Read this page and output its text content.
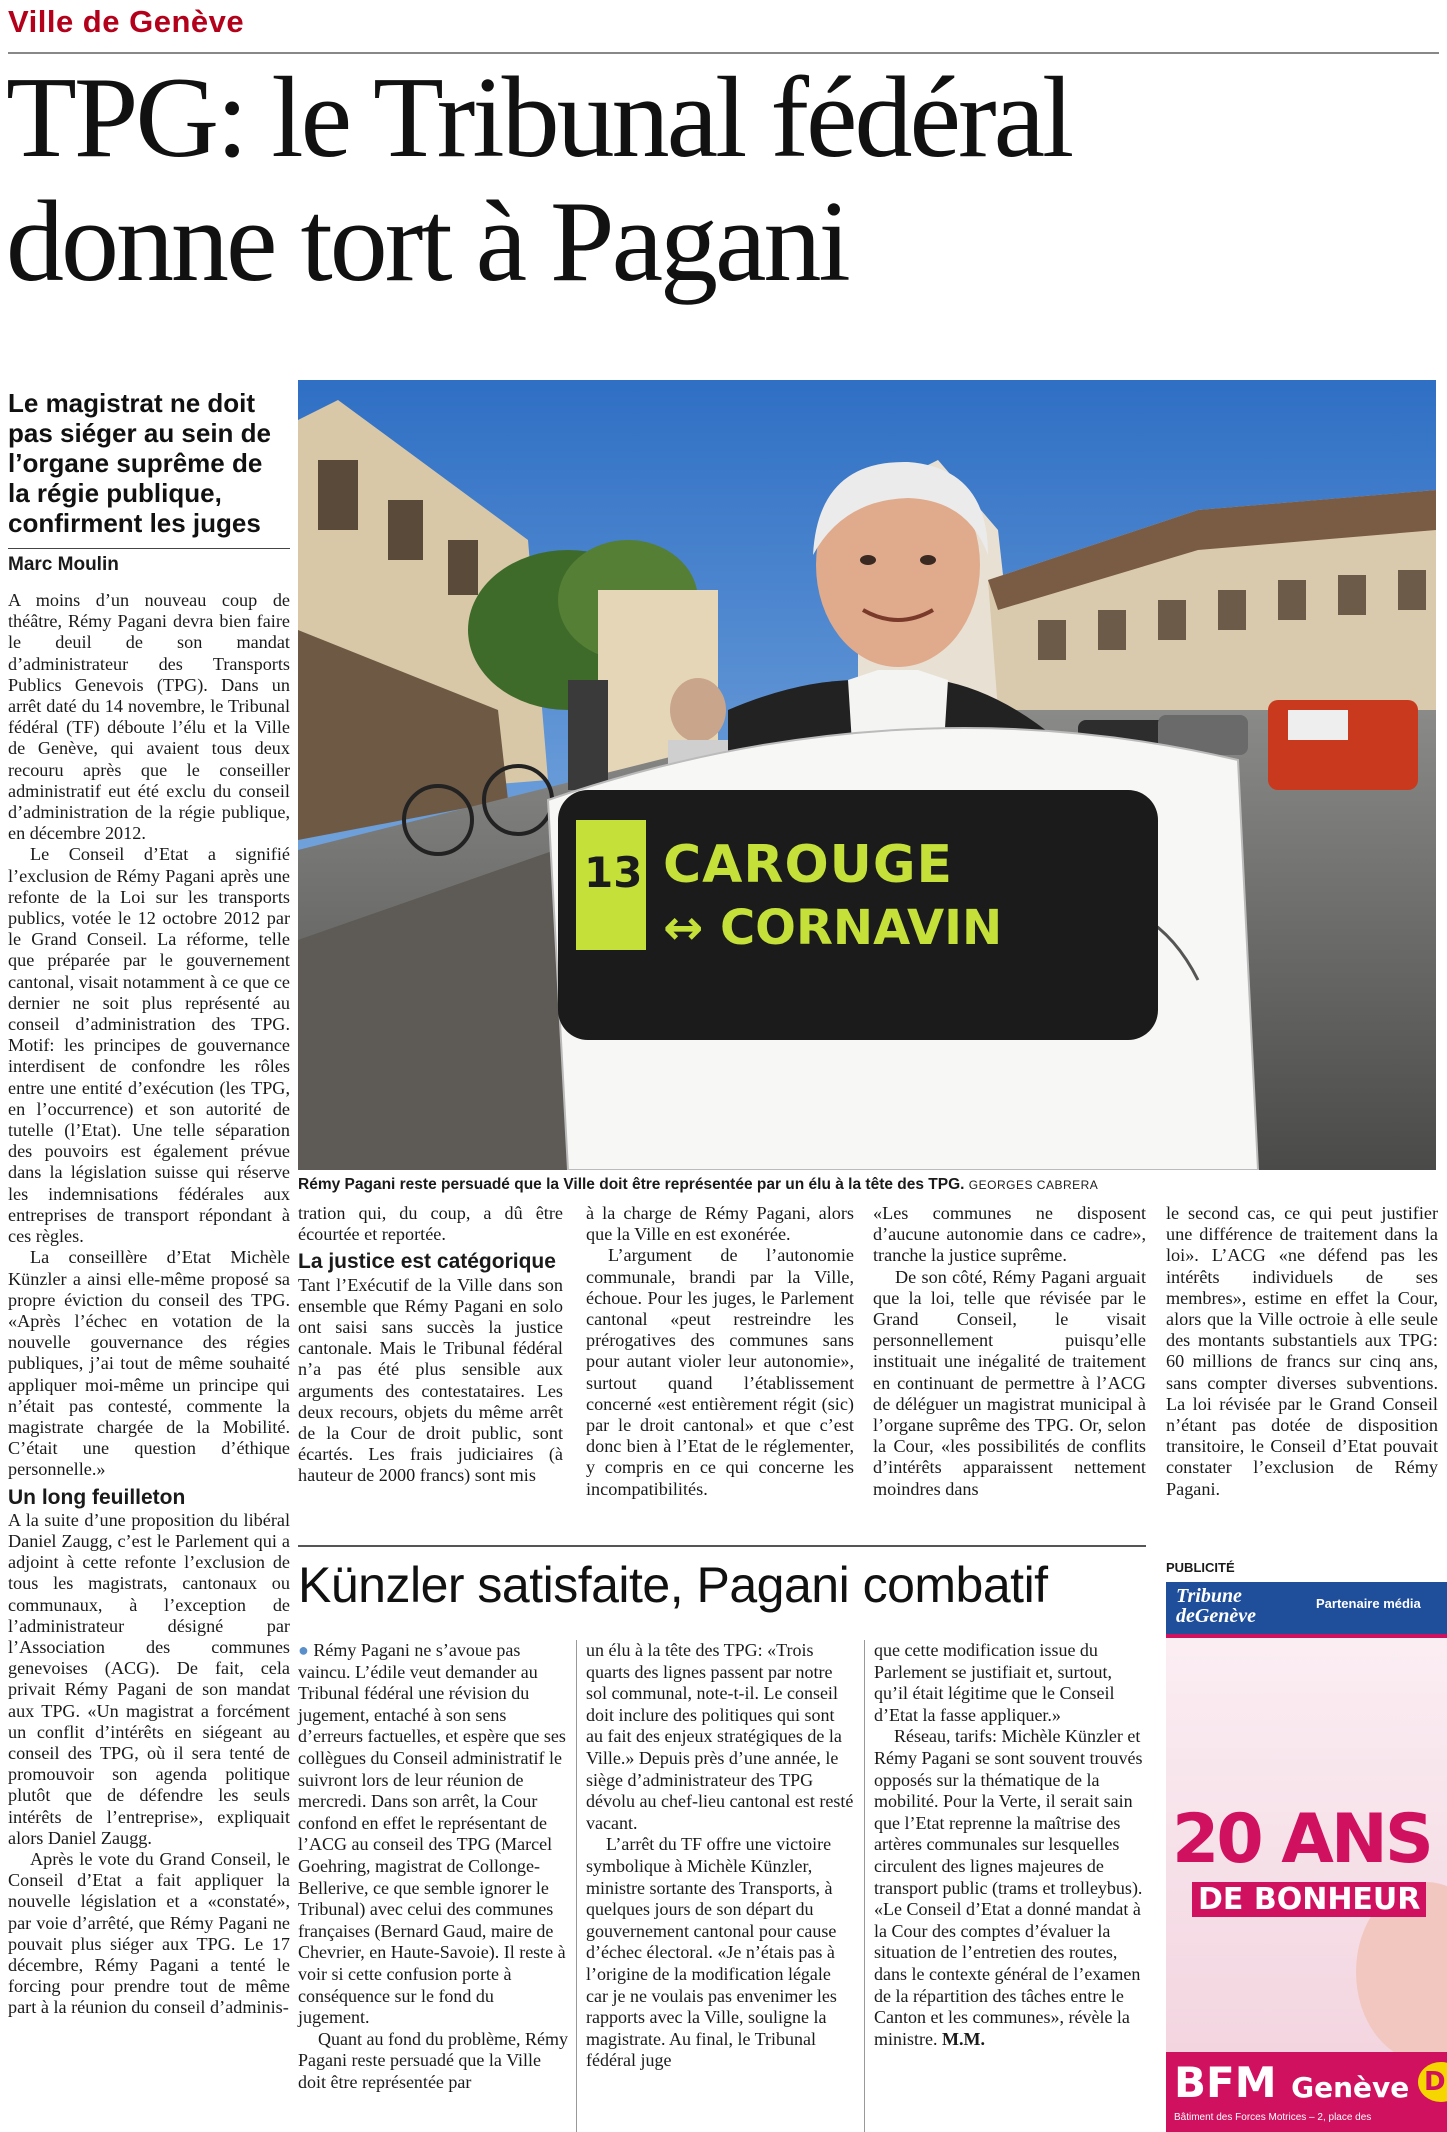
Ville de Genève
TPG: le Tribunal fédéral
donne tort à Pagani
Le magistrat ne doit pas siéger au sein de l’organe suprême de la régie publique, confirment les juges
Marc Moulin

A moins d’un nouveau coup de théâtre, Rémy Pagani devra bien faire le deuil de son mandat d’administrateur des Transports Publics Genevois (TPG). Dans un arrêt daté du 14 novembre, le Tribunal fédéral (TF) déboute l’élu et la Ville de Genève, qui avaient tous deux recouru après que le conseiller administratif eut été exclu du conseil d’administration de la régie publique, en décembre 2012.

Le Conseil d’Etat a signifié l’exclusion de Rémy Pagani après une refonte de la Loi sur les transports publics, votée le 12 octobre 2012 par le Grand Conseil. La réforme, telle que préparée par le gouvernement cantonal, visait notamment à ce que ce dernier ne soit plus représenté au conseil d’administration des TPG. Motif: les principes de gouvernance interdisent de confondre les rôles entre une entité d’exécution (les TPG, en l’occurrence) et son autorité de tutelle (l’Etat). Une telle séparation des pouvoirs est également prévue dans la législation suisse qui réserve les indemnisations fédérales aux entreprises de transport répondant à ces règles.

La conseillère d’Etat Michèle Künzler a ainsi elle-même proposé sa propre éviction du conseil des TPG. «Après l’échec en votation de la nouvelle gouvernance des régies publiques, j’ai tout de même souhaité appliquer moi-même un principe qui n’était pas contesté, commente la magistrate chargée de la Mobilité. C’était une question d’éthique personnelle.»

Un long feuilleton

A la suite d’une proposition du libéral Daniel Zaugg, c’est le Parlement qui a adjoint à cette refonte l’exclusion de tous les magistrats, cantonaux ou communaux, à l’exception de l’administrateur désigné par l’Association des communes genevoises (ACG). De fait, cela privait Rémy Pagani de son mandat aux TPG. «Un magistrat a forcément un conflit d’intérêts en siégeant au conseil des TPG, où il sera tenté de promouvoir son agenda politique plutôt que de défendre les seuls intérêts de l’entreprise», expliquait alors Daniel Zaugg.

Après le vote du Grand Conseil, le Conseil d’Etat a fait appliquer la nouvelle législation et a «constaté», par voie d’arrêté, que Rémy Pagani ne pouvait plus siéger aux TPG. Le 17 décembre, Rémy Pagani a tenté le forcing pour prendre tout de même part à la réunion du conseil d’adminis-

13 CAROUGE
↔ CORNAVIN
Rémy Pagani reste persuadé que la Ville doit être représentée par un élu à la tête des TPG. GEORGES CABRERA

tration qui, du coup, a dû être écourtée et reportée.

La justice est catégorique

Tant l’Exécutif de la Ville dans son ensemble que Rémy Pagani en solo ont saisi sans succès la justice cantonale. Mais le Tribunal fédéral n’a pas été plus sensible aux arguments des contestataires. Les deux recours, objets du même arrêt de la Cour de droit public, sont écartés. Les frais judiciaires (à hauteur de 2000 francs) sont mis

à la charge de Rémy Pagani, alors que la Ville en est exonérée.

L’argument de l’autonomie communale, brandi par la Ville, échoue. Pour les juges, le Parlement cantonal «peut restreindre les prérogatives des communes sans pour autant violer leur autonomie», surtout quand l’établissement concerné «est entièrement régit (sic) par le droit cantonal» et que c’est donc bien à l’Etat de le réglementer, y compris en ce qui concerne les incompatibilités.

«Les communes ne disposent d’aucune autonomie dans ce cadre», tranche la justice suprême.

De son côté, Rémy Pagani arguait que la loi, telle que révisée par le Grand Conseil, le visait personnellement puisqu’elle instituait une inégalité de traitement en continuant de permettre à l’ACG de déléguer un magistrat municipal à l’organe suprême des TPG. Or, selon la Cour, «les possibilités de conflits d’intérêts apparaissent nettement moindres dans

le second cas, ce qui peut justifier une différence de traitement dans la loi». L’ACG «ne défend pas les intérêts individuels de ses membres», estime en effet la Cour, alors que la Ville octroie à elle seule des montants substantiels aux TPG: 60 millions de francs sur cinq ans, sans compter diverses subventions. La loi révisée par le Grand Conseil n’étant pas dotée de disposition transitoire, le Conseil d’Etat pouvait constater l’exclusion de Rémy Pagani.

Künzler satisfaite, Pagani combatif

● Rémy Pagani ne s’avoue pas vaincu. L’édile veut demander au Tribunal fédéral une révision du jugement, entaché à son sens d’erreurs factuelles, et espère que ses collègues du Conseil administratif le suivront lors de leur réunion de mercredi. Dans son arrêt, la Cour confond en effet le représentant de l’ACG au conseil des TPG (Marcel Goehring, magistrat de Collonge-Bellerive, ce que semble ignorer le Tribunal) avec celui des communes françaises (Bernard Gaud, maire de Chevrier, en Haute-Savoie). Il reste à voir si cette confusion porte à conséquence sur le fond du jugement.

Quant au fond du problème, Rémy Pagani reste persuadé que la Ville doit être représentée par

un élu à la tête des TPG: «Trois quarts des lignes passent par notre sol communal, note-t-il. Le conseil doit inclure des politiques qui sont au fait des enjeux stratégiques de la Ville.» Depuis près d’une année, le siège d’administrateur des TPG dévolu au chef-lieu cantonal est resté vacant.

L’arrêt du TF offre une victoire symbolique à Michèle Künzler, ministre sortante des Transports, à quelques jours de son départ du gouvernement cantonal pour cause d’échec électoral. «Je n’étais pas à l’origine de la modification légale car je ne voulais pas envenimer les rapports avec la Ville, souligne la magistrate. Au final, le Tribunal fédéral juge

que cette modification issue du Parlement se justifiait et, surtout, qu’il était légitime que le Conseil d’Etat la fasse appliquer.»

Réseau, tarifs: Michèle Künzler et Rémy Pagani se sont souvent trouvés opposés sur la thématique de la mobilité. Pour la Verte, il serait sain que l’Etat reprenne la maîtrise des artères communales sur lesquelles circulent des lignes majeures de transport public (trams et trolleybus). «Le Conseil d’Etat a donné mandat à la Cour des comptes d’évaluer la situation de l’entretien des routes, dans le contexte général de l’examen de la répartition des tâches entre le Canton et les communes», révèle la ministre. M.M.

PUBLICITÉ
Tribune
deGenève
Partenaire média
20 ANS
DE BONHEUR
BFM Genève
Bâtiment des Forces Motrices – 2, place des
D
